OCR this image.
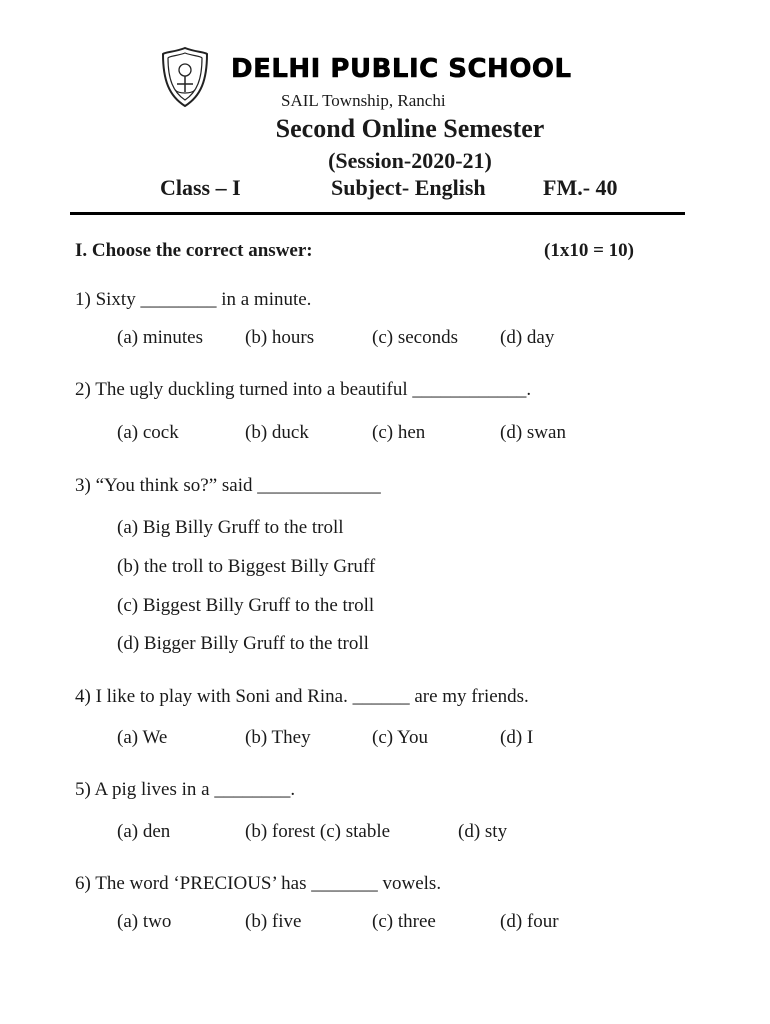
DELHI PUBLIC SCHOOL
SAIL Township, Ranchi
Second Online Semester
(Session-2020-21)
Class – I	Subject- English	FM.- 40
I. Choose the correct answer:	(1x10 = 10)
1) Sixty ________ in a minute.
(a) minutes (b) hours	(c) seconds (d) day
2) The ugly duckling turned into a beautiful ____________.
(a) cock	(b) duck	(c) hen	(d) swan
3) “You think so?” said _____________
(a) Big Billy Gruff to the troll
(b) the troll to Biggest Billy Gruff
(c) Biggest Billy Gruff to the troll
(d) Bigger Billy Gruff to the troll
4) I like to play with Soni and Rina. ______ are my friends.
(a) We	(b) They	(c) You	(d) I
5) A pig lives in a ________.
(a) den	(b) forest (c) stable	(d) sty
6) The word ‘PRECIOUS’ has _______ vowels.
(a) two	(b) five	(c) three	(d) four
